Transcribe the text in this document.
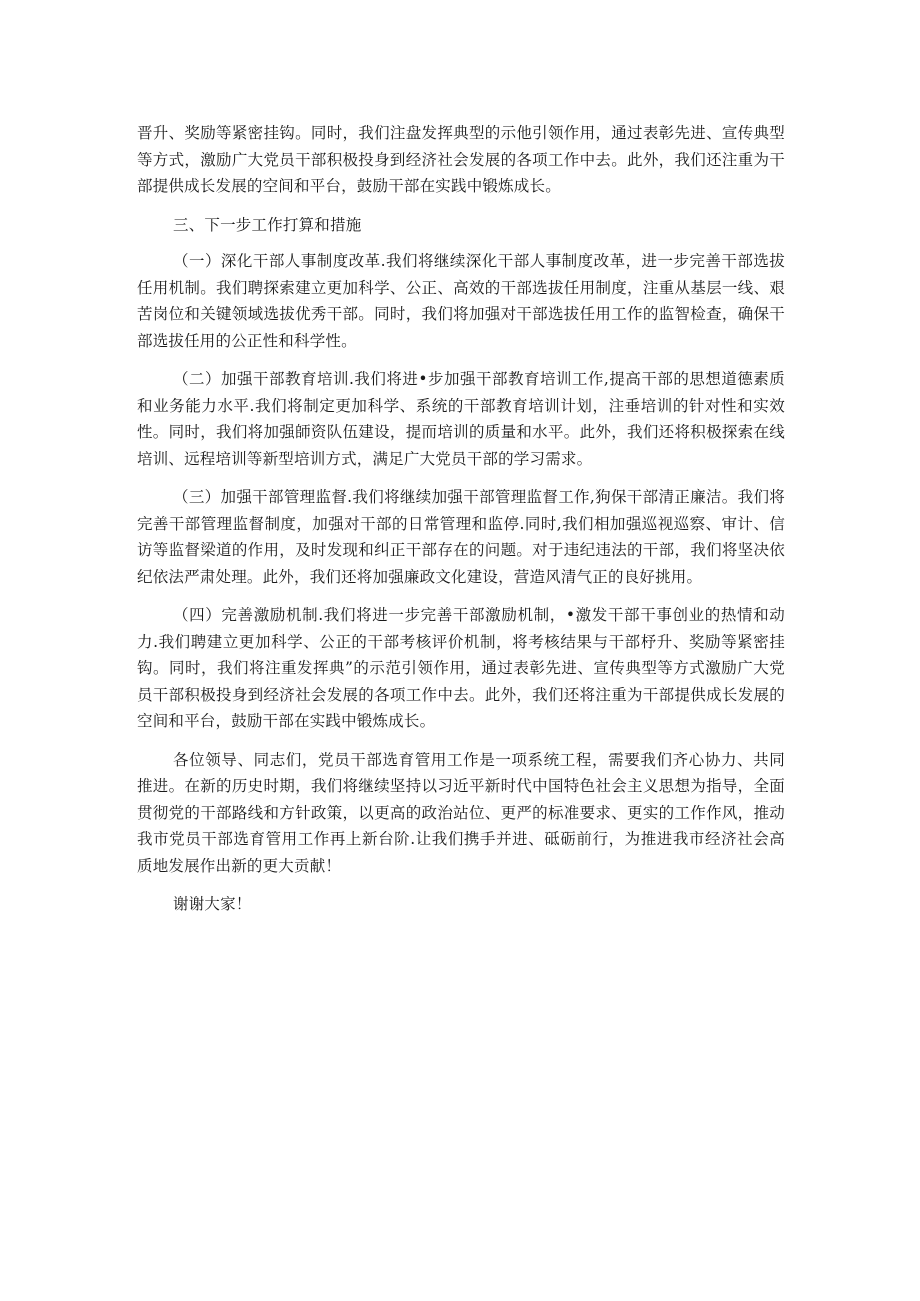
晋升、奖励等紧密挂钩。同时，我们注盘发挥典型的示他引领作用，通过表彰先进、宣传典型等方式，激励广大党员干部积极投身到经济社会发展的各项工作中去。此外，我们还注重为干部提供成长发展的空间和平台，鼓励干部在实践中锻炼成长。

三、下一步工作打算和措施

（一）深化干部人事制度改革.我们将继续深化干部人事制度改革，进一步完善干部选拔任用机制。我们聘探索建立更加科学、公正、高效的干部选拔任用制度，注重从基层一线、艰苦岗位和关键领域选拔优秀干部。同时，我们将加强对干部选拔任用工作的监智检查，确保干部选拔任用的公正性和科学性。

（二）加强干部教育培训.我们将进•步加强干部教育培训工作,提高干部的思想道德素质和业务能力水平.我们将制定更加科学、系统的干部教育培训计划，注垂培训的针对性和实效性。同时，我们将加强師资队伍建设，提而培训的质量和水平。此外，我们还将积极探索在线培训、远程培训等新型培训方式，满足广大党员干部的学习需求。

（三）加强干部管理监督.我们将继续加强干部管理监督工作,狗保干部清正廉洁。我们将完善干部管理监督制度，加强对干部的日常管理和监停.同时,我们相加强巡视巡察、审计、信访等监督梁道的作用，及时发现和纠正干部存在的问题。对于违纪违法的干部，我们将坚决依纪依法严肃处理。此外，我们还将加强廉政文化建设，营造风清气正的良好挑用。

（四）完善激励机制.我们将进一步完善干部激励机制，•激发干部干事创业的热情和动力.我们聘建立更加科学、公正的干部考核评价机制，将考核结果与干部杼升、奖励等紧密挂钩。同时，我们将注重发挥典”的示范引领作用，通过表彰先进、宣传典型等方式激励广大党员干部积极投身到经济社会发展的各项工作中去。此外，我们还将注重为干部提供成长发展的空间和平台，鼓励干部在实践中锻炼成长。

各位领导、同志们，党员干部选育管用工作是一项系统工程，需要我们齐心协力、共同推进。在新的历史时期，我们将继续坚持以习近平新时代中国特色社会主义思想为指导，全面贯彻党的干部路线和方针政策，以更高的政治站位、更严的标准要求、更实的工作作风，推动我市党员干部选育管用工作再上新台阶.让我们携手并进、砥砺前行，为推进我市经济社会高质地发展作出新的更大贡献！

谢谢大家！
